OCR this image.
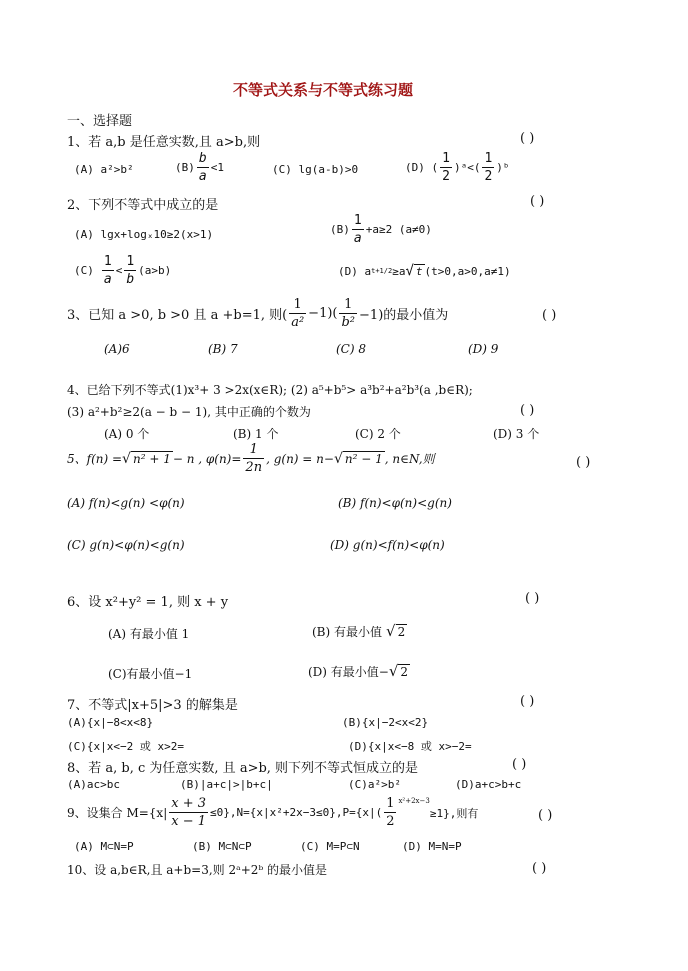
不等式关系与不等式练习题
一、选择题
1、若 a,b 是任意实数,且 a>b,则	( )
(A) a²>b²	$(B) \frac{b}{a} <1$	(C) lg(a-b)>0	(D) ( $\frac{1}{2}$ )ᵃ<( $\frac{1}{2}$ )ᵇ
2、下列不等式中成立的是	( )
(A) lgx+logₓ10≥2(x>1)	$(B) \frac{1}{a} +a\ge 2$ (a≠0)
$(C) \frac{1}{a} < \frac{1}{b} (a>b)$	(D) a t+1/2 ≥a √ t (t>0,a>0,a≠1)
3、已知 a >0, b >0 且 a +b=1, 则( $\frac{1}{\text{a²}} -1)( \frac{1}{\text{b²}} -1)$的最小值为	( )
(A)6	(B) 7	(C) 8	(D) 9
4、已给下列不等式(1)x³+ 3 >2x(x∈R); (2) a⁵+b⁵> a³b²+a²b³(a ,b∈R);
(3) a²+b²≥2(a − b − 1), 其中正确的个数为	( )
(A) 0 个	(B) 1 个	(C) 2 个	(D) 3 个
5、f(n) = √ n² + 1 − n , $\varphi(n)= \frac{1}{2n}$ , g(n) = n− √ n² − 1 , n∈N,则	( )
(A) f(n)<g(n) <φ(n)	(B) f(n)<φ(n)<g(n)
(C) g(n)<φ(n)<g(n)	(D) g(n)<f(n)<φ(n)
6、设 x²+y² = 1, 则 x + y	( )
(A) 有最小值 1	(B) 有最小值 √ 2
(C)有最小值−1	(D) 有最小值− √ 2
7、不等式|x+5|>3 的解集是	( )
(A){x|−8<x<8}	(B){x|−2<x<2}
(C){x|x<−2 或 x>2=	(D){x|x<−8 或 x>−2=
8、若 a, b, c 为任意实数, 且 a>b, 则下列不等式恒成立的是	( )
(A)ac>bc	(B)|a+c|>|b+c|	(C)a²>b²	(D)a+c>b+c
9、设集合 $M=\{x| \frac{x + 3}{x - 1} \le 0\},N=\{x|x^2+2x-3\le 0\},P=\{x|( \frac{1}{2} x^2+2x-3$
≥1},则有	( )
(A) M⊂N=P	(B) M⊂N⊂P	(C) M=P⊂N	(D) M=N=P
10、设 a,b∈R,且 a+b=3,则 2ᵃ+2ᵇ 的最小值是	( )
